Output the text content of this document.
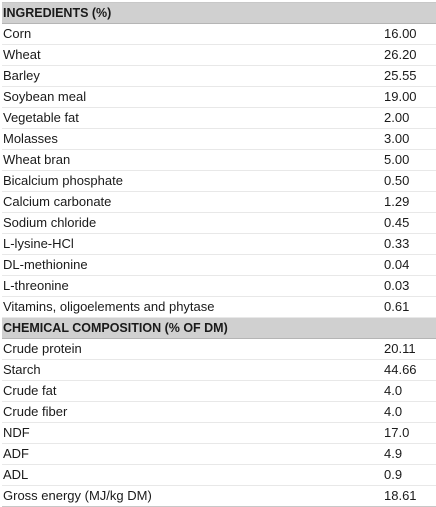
INGREDIENTS (%)	
Corn	16.00
Wheat	26.20
Barley	25.55
Soybean meal	19.00
Vegetable fat	2.00
Molasses	3.00
Wheat bran	5.00
Bicalcium phosphate	0.50
Calcium carbonate	1.29
Sodium chloride	0.45
L-lysine-HCl	0.33
DL-methionine	0.04
L-threonine	0.03
Vitamins, oligoelements and phytase	0.61
CHEMICAL COMPOSITION (% OF DM)	
Crude protein	20.11
Starch	44.66
Crude fat	4.0
Crude fiber	4.0
NDF	17.0
ADF	4.9
ADL	0.9
Gross energy (MJ/kg DM)	18.61
